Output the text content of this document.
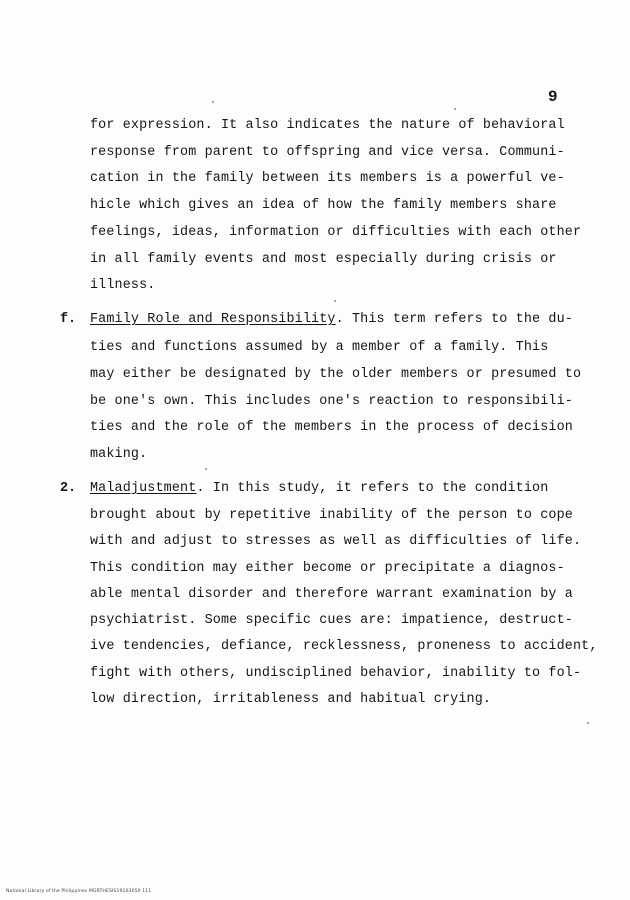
9
for expression. It also indicates the nature of behavioral
response from parent to offspring and vice versa. Communi-
cation in the family between its members is a powerful ve-
hicle which gives an idea of how the family members share
feelings, ideas, information or difficulties with each other
in all family events and most especially during crisis or
illness.
f. Family Role and Responsibility. This term refers to the du-
ties and functions assumed by a member of a family. This
may either be designated by the older members or presumed to
be one's own. This includes one's reaction to responsibili-
ties and the role of the members in the process of decision
making.
2. Maladjustment. In this study, it refers to the condition
brought about by repetitive inability of the person to cope
with and adjust to stresses as well as difficulties of life.
This condition may either become or precipitate a diagnos-
able mental disorder and therefore warrant examination by a
psychiatrist. Some specific cues are: impatience, destruct-
ive tendencies, defiance, recklessness, proneness to accident,
fight with others, undisciplined behavior, inability to fol-
low direction, irritableness and habitual crying.
National Library of the Philippines MGRTHESIS19103050 111
